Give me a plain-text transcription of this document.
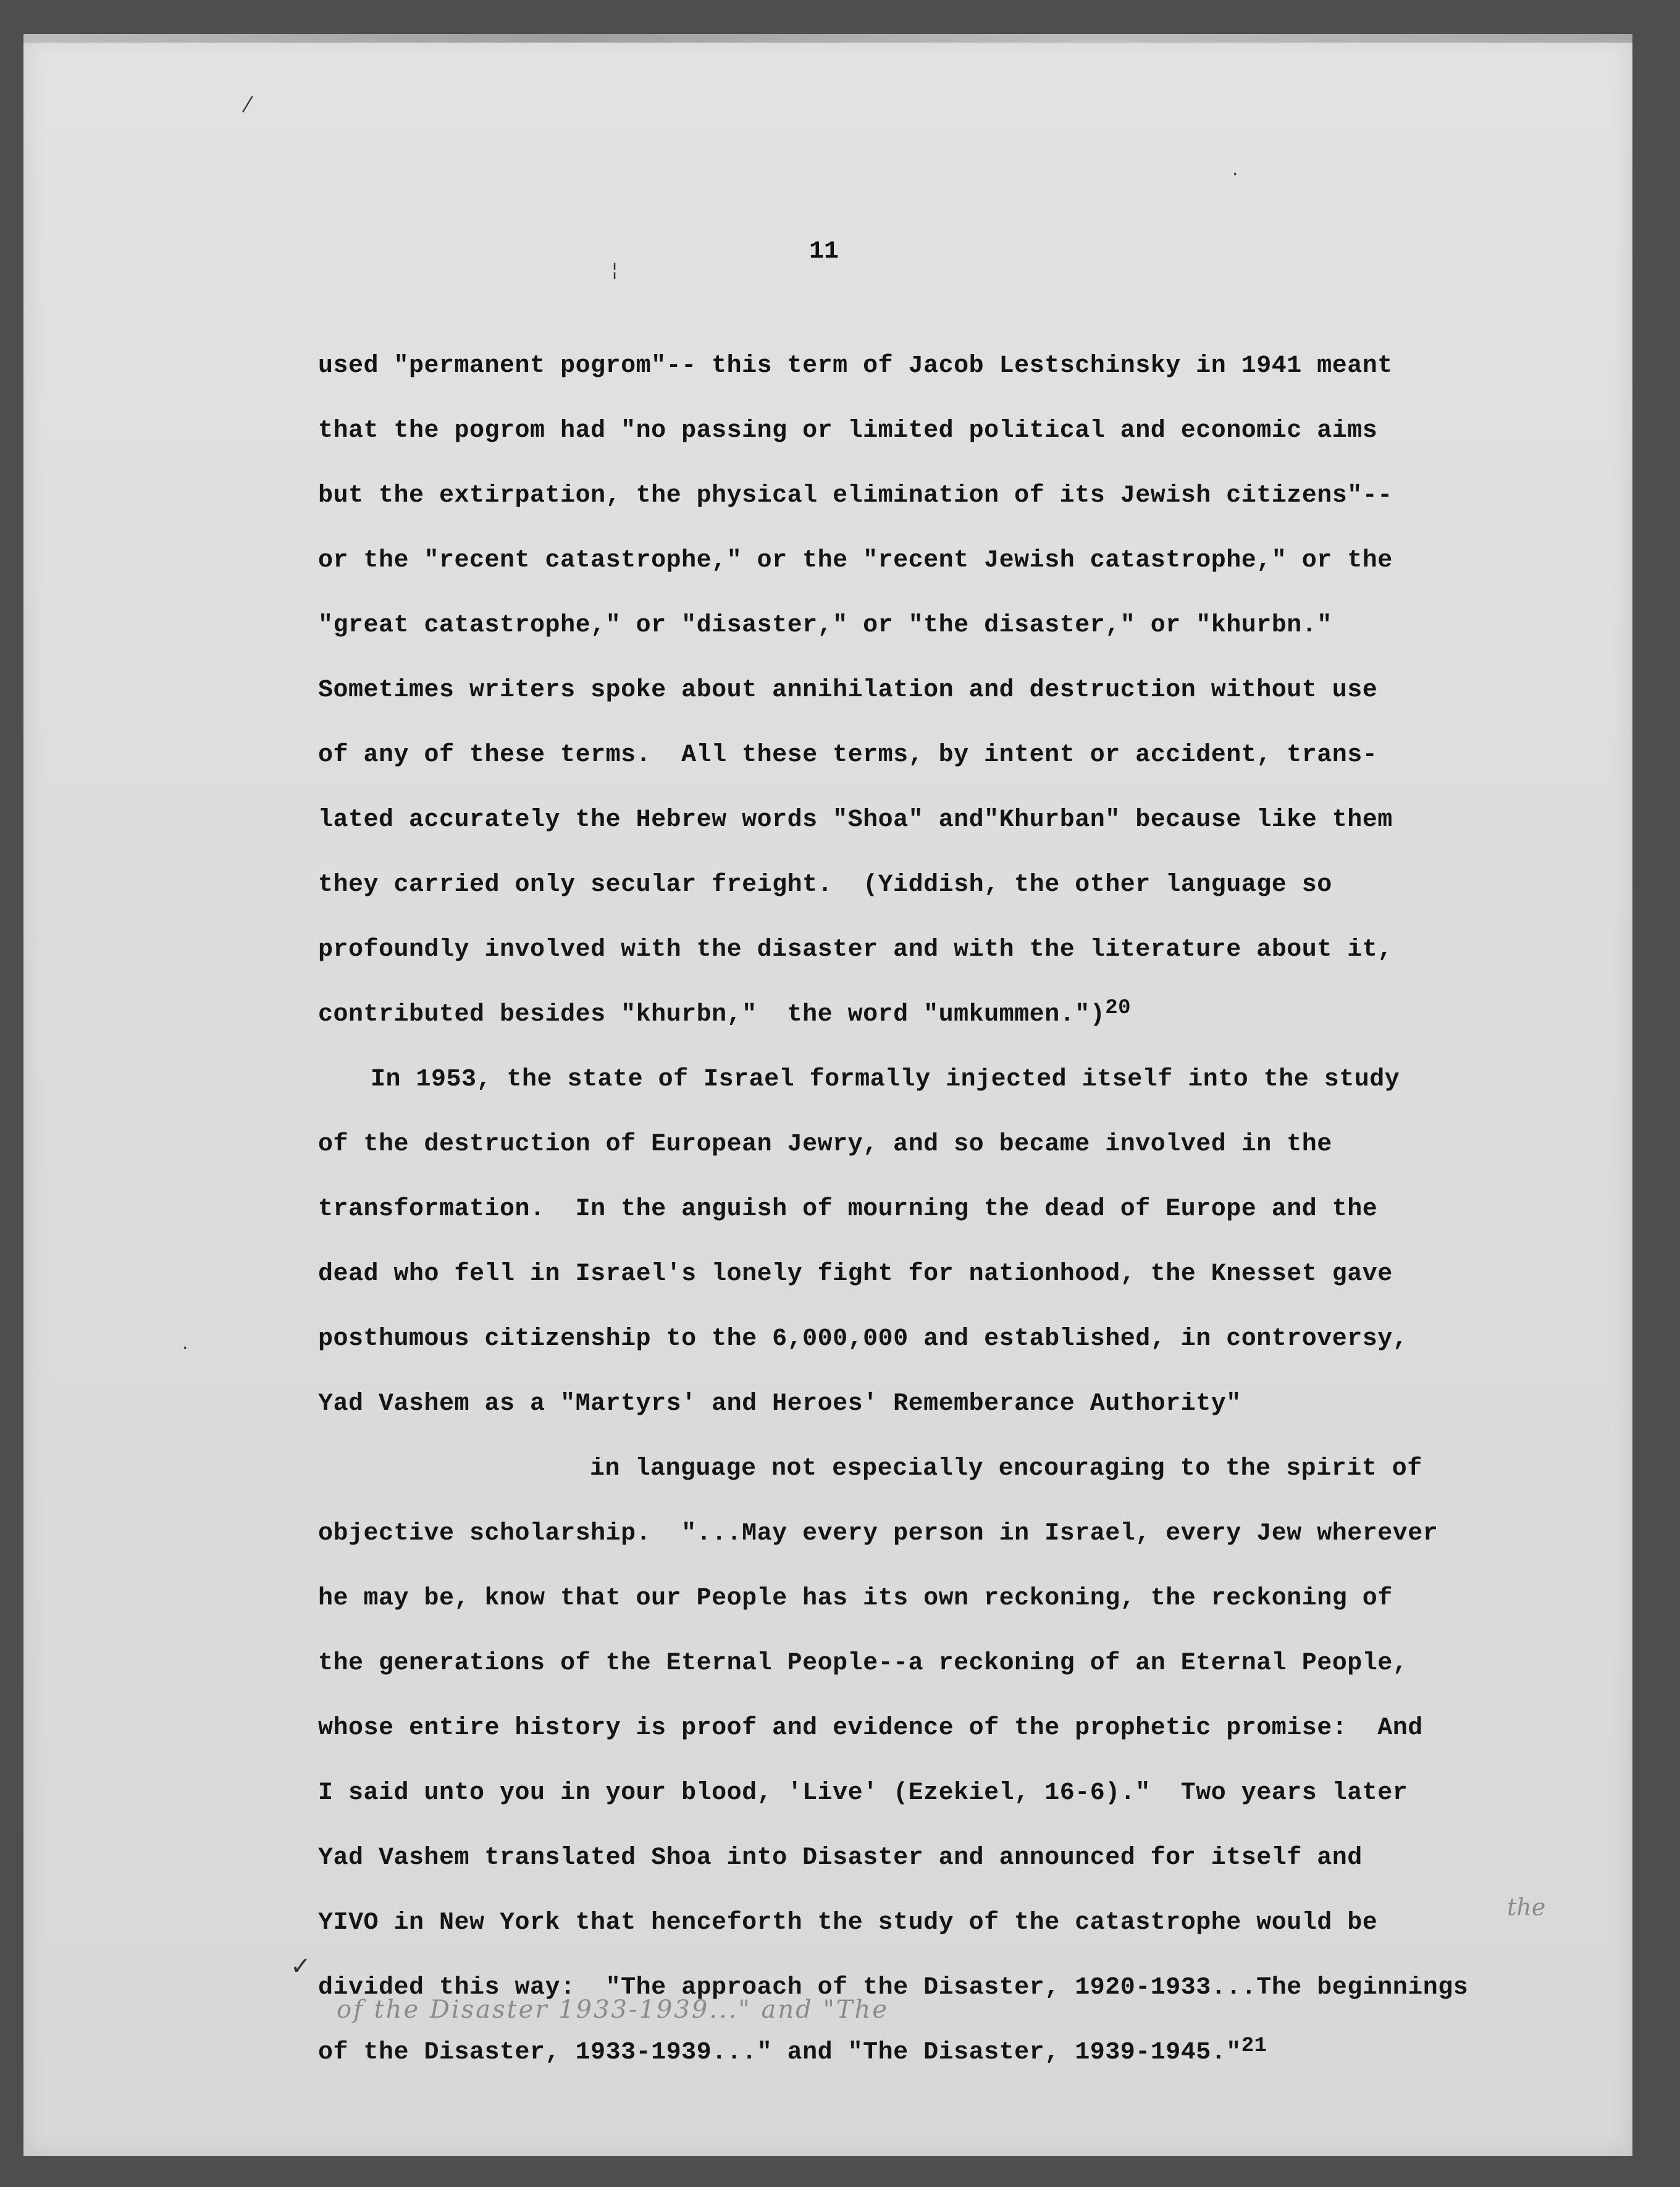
⁄
¦
·
·
11
used "permanent pogrom"-- this term of Jacob Lestschinsky in 1941 meant
that the pogrom had "no passing or limited political and economic aims
but the extirpation, the physical elimination of its Jewish citizens"--
or the "recent catastrophe," or the "recent Jewish catastrophe," or the
"great catastrophe," or "disaster," or "the disaster," or "khurbn."
Sometimes writers spoke about annihilation and destruction without use
of any of these terms.  All these terms, by intent or accident, trans-
lated accurately the Hebrew words "Shoa" and"Khurban" because like them
they carried only secular freight.  (Yiddish, the other language so
profoundly involved with the disaster and with the literature about it,
contributed besides "khurbn,"  the word "umkummen.")$^{20}$
In 1953, the state of Israel formally injected itself into the study
of the destruction of European Jewry, and so became involved in the
transformation.  In the anguish of mourning the dead of Europe and the
dead who fell in Israel's lonely fight for nationhood, the Knesset gave
posthumous citizenship to the 6,000,000 and established, in controversy,
Yad Vashem as a "Martyrs' and Heroes' Rememberance Authority"
in language not especially encouraging to the spirit of
objective scholarship.  "...May every person in Israel, every Jew wherever
he may be, know that our People has its own reckoning, the reckoning of
the generations of the Eternal People--a reckoning of an Eternal People,
whose entire history is proof and evidence of the prophetic promise:  And
I said unto you in your blood, 'Live' (Ezekiel, 16-6)."  Two years later
Yad Vashem translated Shoa into Disaster and announced for itself and
YIVO in New York that henceforth the study of the catastrophe would be
divided this way:  "The approach of the Disaster, 1920-1933...The beginnings
of the Disaster, 1933-1939..." and "The Disaster, 1939-1945."$^{21}$
of the Disaster 1933-1939..." and "The
✓
the
